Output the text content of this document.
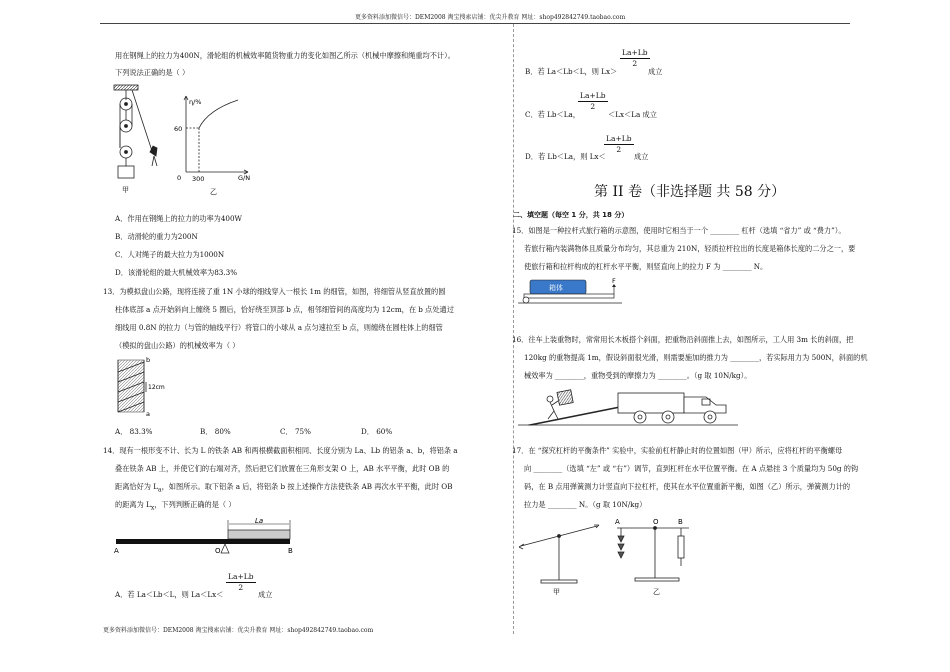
更多资料添加微信号：DEM2008 淘宝搜索店铺：优尖升教育 网址：shop492842749.taobao.com
更多资料添加微信号：DEM2008 淘宝搜索店铺：优尖升教育 网址：shop492842749.taobao.com
用在钢绳上的拉力为400N，滑轮组的机械效率随货物重力的变化如图乙所示（机械中摩擦和绳重均不计）。
下列说法正确的是（ ）
甲
η/%
60
300	G/N
0
乙
A．作用在钢绳上的拉力的功率为400W
B．动滑轮的重力为200N
C．人对绳子的最大拉力为1000N
D．该滑轮组的最大机械效率为83.3%
13．为模拟盘山公路，现将连接了重 1N 小球的细线穿入一根长 1m 的细管，如图，将细管从竖直放置的圆
柱体底部 a 点开始斜向上缠绕 5 圈后，恰好绕至顶部 b 点，相邻细管间的高度均为 12cm，在 b 点处通过
细线用 0.8N 的拉力（与管的轴线平行）将管口的小球从 a 点匀速拉至 b 点，则缠绕在圆柱体上的细管
（模拟的盘山公路）的机械效率为（ ）
b
a
12cm
A． 83.3%	B． 80%	C． 75%	D． 60%
14．现有一根形变不计、长为 L 的铁条 AB 和两根横截面积相同、长度分别为 La、Lb 的铝条 a、b，将铝条 a
叠在铁条 AB 上，并使它们的右端对齐，然后把它们放置在三角形支架 O 上，AB 水平平衡，此时 OB 的
距离恰好为 $L_a$，如图所示。取下铝条 a 后，将铝条 b 按上述操作方法使铁条 AB 再次水平平衡，此时 OB
的距离为 $L_x$，下列判断正确的是（ ）
La
A	O	B
A．若 La＜Lb＜L，则 La＜Lx＜
$\frac{La+Lb}{2}$
成立
B．若 La＜Lb＜L，则 Lx＞
$\frac{La+Lb}{2}$
成立
C．若 Lb＜La，
$\frac{La+Lb}{2}$
＜Lx＜La 成立
D．若 Lb＜La，则 Lx＜
$\frac{La+Lb}{2}$
成立
第 II 卷（非选择题 共 58 分）
二、填空题（每空 1 分，共 18 分）
15．如图是一种拉杆式旅行箱的示意图，使用时它相当于一个 ________ 杠杆（选填 “省力” 或 “费力”）。
若旅行箱内装满物体且质量分布均匀，其总重为 210N，轻质拉杆拉出的长度是箱体长度的二分之一，要
使旅行箱和拉杆构成的杠杆水平平衡，则竖直向上的拉力 F 为 ________ N。
箱体
F
16．往车上装重物时，常常用长木板搭个斜面，把重物沿斜面推上去，如图所示，工人用 3m 长的斜面，把
120kg 的重物提高 1m，假设斜面很光滑，则需要施加的推力为 ________，若实际用力为 500N，斜面的机
械效率为 ________，重物受到的摩擦力为 ________。（g 取 10N/kg）。
17．在 “探究杠杆的平衡条件” 实验中，实验前杠杆静止时的位置如图（甲）所示，应将杠杆的平衡螺母
向 ________（选填 “左” 或 “右”）调节，直到杠杆在水平位置平衡。在 A 点悬挂 3 个质量均为 50g 的钩
码，在 B 点用弹簧测力计竖直向下拉杠杆，使其在水平位置重新平衡，如图（乙）所示，弹簧测力计的
拉力是 ________ N。（g 取 10N/kg）
甲
A	O	B
乙
